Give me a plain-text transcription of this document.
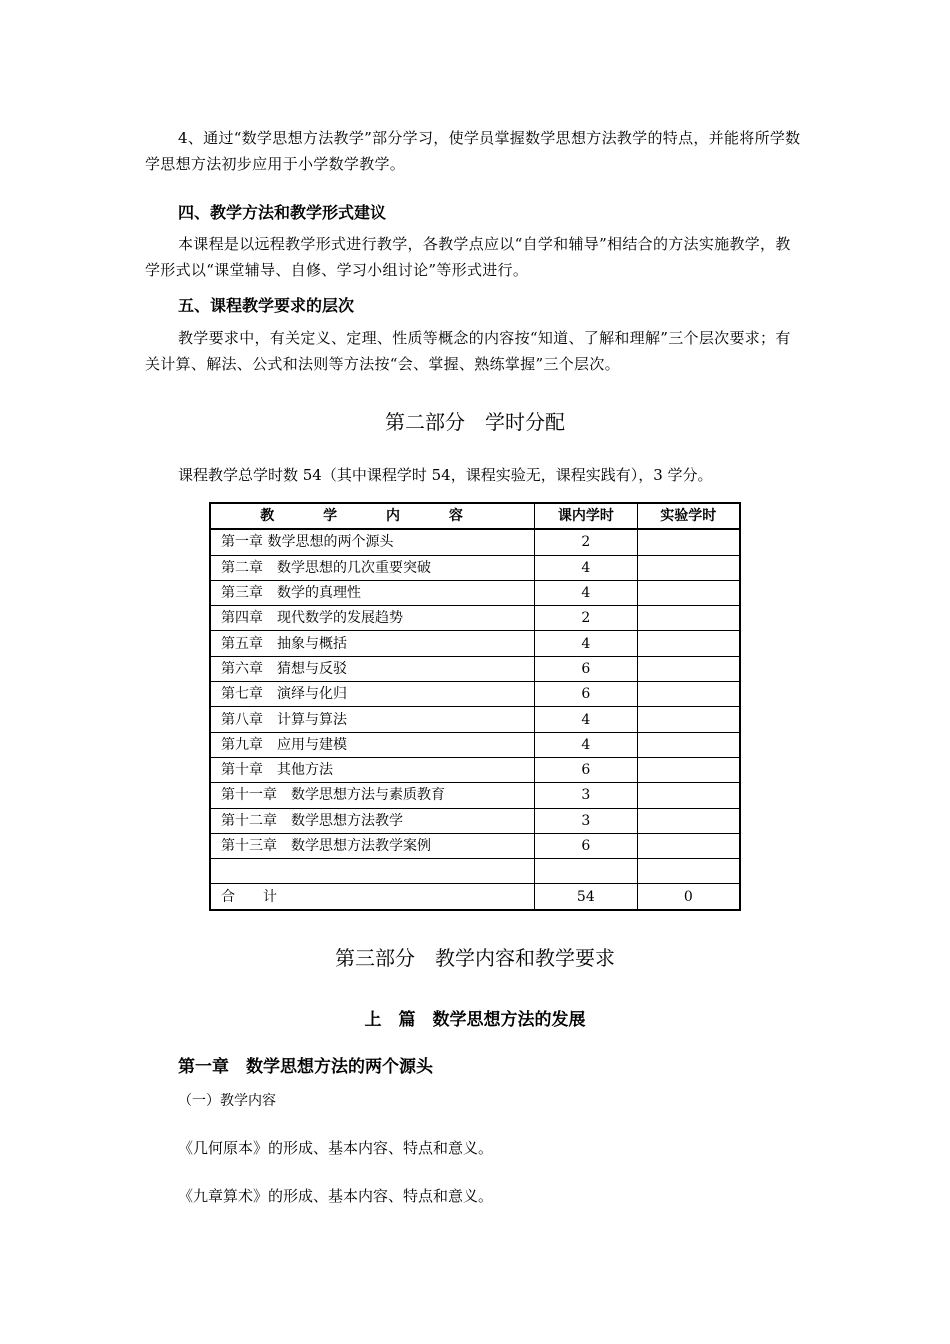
4、通过“数学思想方法教学”部分学习，使学员掌握数学思想方法教学的特点，并能将所学数学思想方法初步应用于小学数学教学。

四、教学方法和教学形式建议

本课程是以远程教学形式进行教学，各教学点应以“自学和辅导”相结合的方法实施教学，教学形式以“课堂辅导、自修、学习小组讨论”等形式进行。

五、课程教学要求的层次

教学要求中，有关定义、定理、性质等概念的内容按“知道、了解和理解”三个层次要求；有关计算、解法、公式和法则等方法按“会、掌握、熟练掌握”三个层次。

第二部分　学时分配

课程教学总学时数 54（其中课程学时 54，课程实验无，课程实践有），3 学分。

教 学 内 容	课内学时	实验学时
第一章 数学思想的两个源头	2	
第二章　数学思想的几次重要突破	4	
第三章　数学的真理性	4	
第四章　现代数学的发展趋势	2	
第五章　抽象与概括	4	
第六章　猜想与反驳	6	
第七章　演绎与化归	6	
第八章　计算与算法	4	
第九章　应用与建模	4	
第十章　其他方法	6	
第十一章　数学思想方法与素质教育	3	
第十二章　数学思想方法教学	3	
第十三章　数学思想方法教学案例	6	

合　　计	54	0
第三部分　教学内容和教学要求
上　篇　数学思想方法的发展
第一章　数学思想方法的两个源头

（一）教学内容

《几何原本》的形成、基本内容、特点和意义。

《九章算术》的形成、基本内容、特点和意义。
